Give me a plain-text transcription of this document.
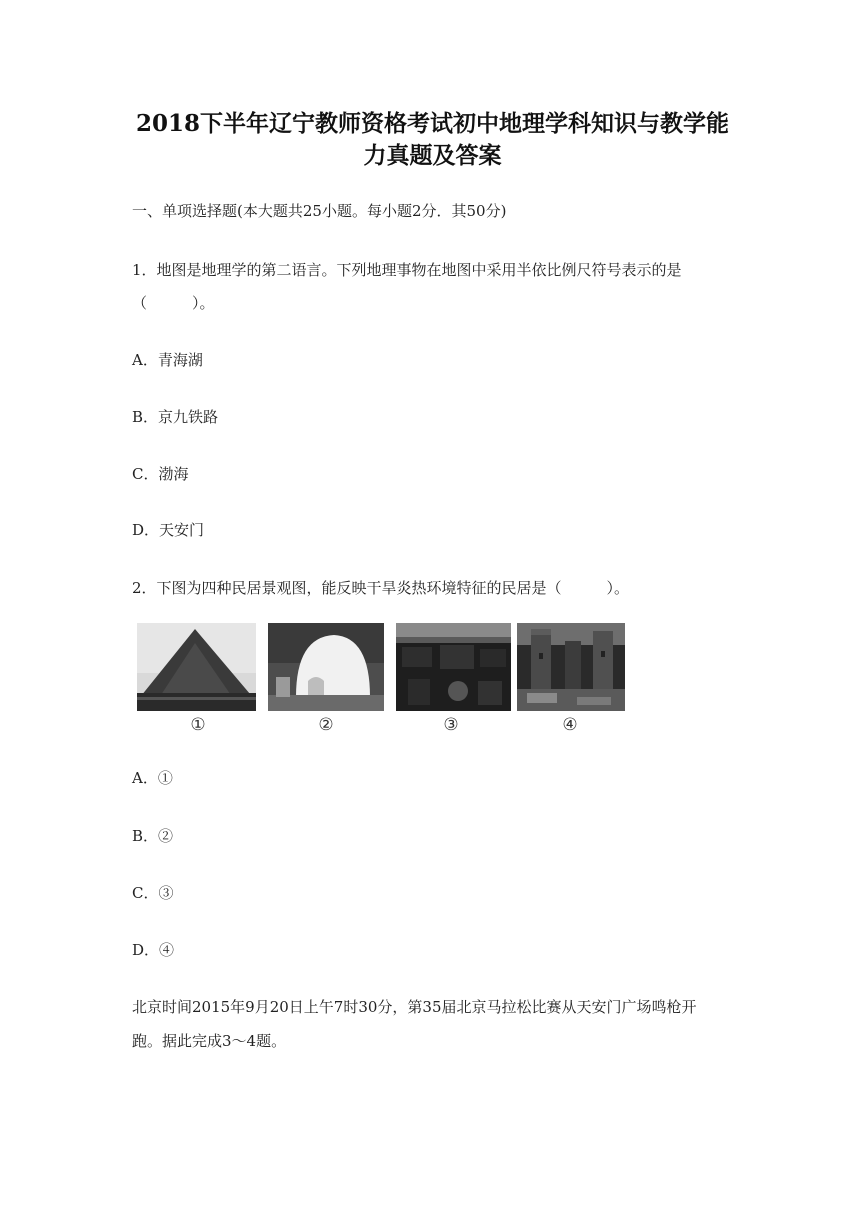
2018下半年辽宁教师资格考试初中地理学科知识与教学能
力真题及答案
一、单项选择题(本大题共25小题。每小题2分．其50分)
1．地图是地理学的第二语言。下列地理事物在地图中采用半依比例尺符号表示的是
（　　　）。
A．青海湖
B．京九铁路
C．渤海
D．天安门
2．下图为四种民居景观图，能反映干旱炎热环境特征的民居是（　　　）。
①	②	③	④
A．①
B．②
C．③
D．④
北京时间2015年9月20日上午7时30分，第35届北京马拉松比赛从天安门广场鸣枪开
跑。据此完成3～4题。
